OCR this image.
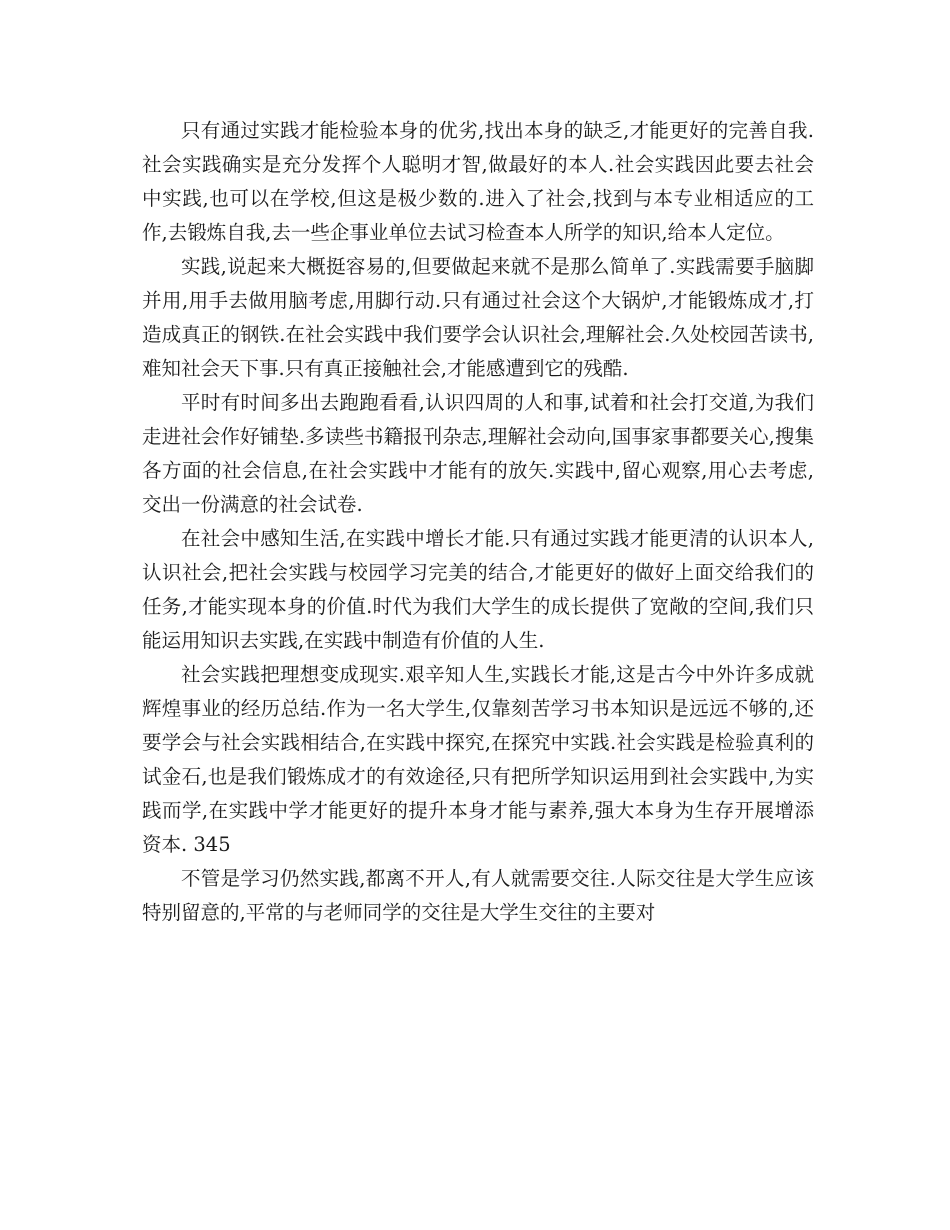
只有通过实践才能检验本身的优劣,找出本身的缺乏,才能更好的完善自我.社会实践确实是充分发挥个人聪明才智,做最好的本人.社会实践因此要去社会中实践,也可以在学校,但这是极少数的.进入了社会,找到与本专业相适应的工作,去锻炼自我,去一些企事业单位去试习检查本人所学的知识,给本人定位。

实践,说起来大概挺容易的,但要做起来就不是那么简单了.实践需要手脑脚并用,用手去做用脑考虑,用脚行动.只有通过社会这个大锅炉,才能锻炼成才,打造成真正的钢铁.在社会实践中我们要学会认识社会,理解社会.久处校园苦读书,难知社会天下事.只有真正接触社会,才能感遭到它的残酷.

平时有时间多出去跑跑看看,认识四周的人和事,试着和社会打交道,为我们走进社会作好铺垫.多读些书籍报刊杂志,理解社会动向,国事家事都要关心,搜集各方面的社会信息,在社会实践中才能有的放矢.实践中,留心观察,用心去考虑,交出一份满意的社会试卷.

在社会中感知生活,在实践中增长才能.只有通过实践才能更清的认识本人,认识社会,把社会实践与校园学习完美的结合,才能更好的做好上面交给我们的任务,才能实现本身的价值.时代为我们大学生的成长提供了宽敞的空间,我们只能运用知识去实践,在实践中制造有价值的人生.

社会实践把理想变成现实.艰辛知人生,实践长才能,这是古今中外许多成就辉煌事业的经历总结.作为一名大学生,仅靠刻苦学习书本知识是远远不够的,还要学会与社会实践相结合,在实践中探究,在探究中实践.社会实践是检验真利的试金石,也是我们锻炼成才的有效途径,只有把所学知识运用到社会实践中,为实践而学,在实践中学才能更好的提升本身才能与素养,强大本身为生存开展增添资本. 345

不管是学习仍然实践,都离不开人,有人就需要交往.人际交往是大学生应该特别留意的,平常的与老师同学的交往是大学生交往的主要对
